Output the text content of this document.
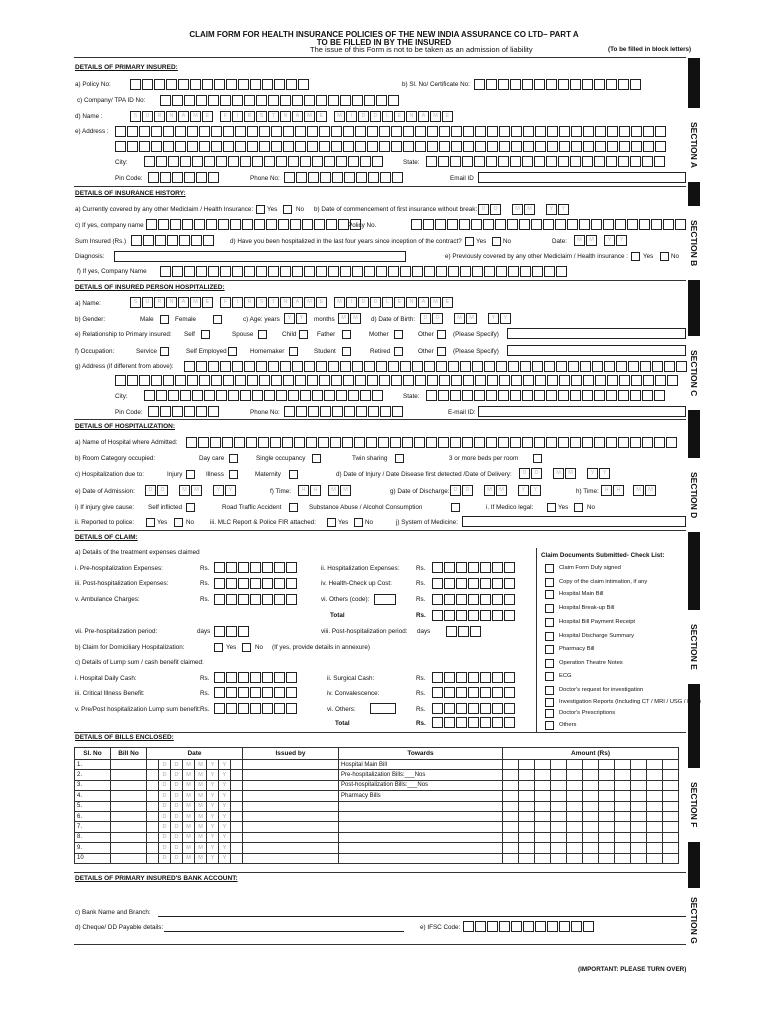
CLAIM FORM FOR HEALTH INSURANCE POLICIES OF THE NEW INDIA ASSURANCE CO LTD– PART A
TO BE FILLED IN BY THE INSURED
The issue of this Form is not to be taken as an admission of liability	(To be filled in block letters)
SECTION A
SECTION B
SECTION C
SECTION D
SECTION E
SECTION F
SECTION G
DETAILS OF PRIMARY INSURED:
a) Policy No:	b) Sl. No/ Certificate No:
c) Company/ TPA ID No:
d) Name :	S	U	R	N	A	M	E	F	I	R	S	T	N	A	M	E	M	I	D	D	L	E	N	A	M	E
e) Address :
City:	State:
Pin Code:	Phone No:	Email ID
DETAILS OF INSURANCE HISTORY:
a) Currently covered by any other Mediclaim / Health Insurance: Yes	No b) Date of commencement of first insurance without break: D	D	M	M	Y	Y
c) If yes, company name	Policy No.
Sum Insured (Rs.)	d) Have you been hospitalized in the last four years since inception of the contract? Yes	No	Date:	M	M	Y	Y
Diagnosis:	e) Previously covered by any other Mediclaim / Health insurance : Yes	No
f) If yes, Company Name
DETAILS OF INSURED PERSON HOSPITALIZED:
a) Name:	S	U	R	N	A	M	E	F	I	R	S	T	N	A	M	E	M	I	D	D	L	E	N	A	M	E
b) Gender:	Male	Female	c) Age: years	Y	Y	months	M	M	d) Date of Birth:	D	D	M	M	Y	Y
e) Relationship to Primary insured: Self	Spouse	Child	Father	Mother	Other	(Please Specify)
f) Occupation:	Service	Self Employed	Homemaker	Student	Retired	Other	(Please Specify)
g) Address (if different from above):
City:	State:
Pin Code:	Phone No:	E-mail ID:
DETAILS OF HOSPITALIZATION:
a) Name of Hospital where Admitted:
b) Room Category occupied:	Day care	Single occupancy	Twin sharing	3 or more beds per room
c) Hospitalization due to:	Injury	Illness	Maternity	d) Date of Injury / Date Disease first detected /Date of Delivery:	D	D	M	M	Y	Y
e) Date of Admission:	D	D	M	M	Y	Y	f) Time:	H	H	M	M	g) Date of Discharge: D	D	M	M	Y	Y	h) Time:	H	H	M	M
i) If injury give cause: Self inflicted	Road Traffic Accident	Substance Abuse / Alcohol Consumption	i. If Medico legal:	Yes	No
ii. Reported to police:	Yes	No	iii. MLC Report & Police FIR attached:	Yes	No	j) System of Medicine:
DETAILS OF CLAIM:
a) Details of the treatment expenses claimed
i. Pre-hospitalization Expenses:	Rs.
iii. Post-hospitalization Expenses:	Rs.
v. Ambulance Charges:	Rs.
ii. Hospitalization Expenses:	Rs.
iv. Health-Check up Cost:	Rs.
vi. Others (code):	Rs.
Total	Rs.
vii. Pre-hospitalization period:	days	viii. Post-hospitalization period: days
b) Claim for Domiciliary Hospitalization:	Yes	No (If yes, provide details in annexure)
c) Details of Lump sum / cash benefit claimed:
i. Hospital Daily Cash:	Rs.
iii. Critical Illness Benefit:	Rs.
v. Pre/Post hospitalization Lump sum benefit: Rs.
ii. Surgical Cash:	Rs.
iv. Convalescence:	Rs.
vi. Others:	Rs.
Total	Rs.
Claim Documents Submitted- Check List:
Claim Form Duly signed
Copy of the claim intimation, if any
Hospital Main Bill
Hospital Break-up Bill
Hospital Bill Payment Receipt
Hospital Discharge Summary
Pharmacy Bill
Operation Theatre Notes
ECG
Doctor's request for investigation
Investigation Reports (Including CT / MRI / USG / HPE)
Doctor's Prescriptions
Others
DETAILS OF BILLS ENCLOSED:
Sl. No	Bill No	Date								Issued by	Towards	Amount (Rs)										
1.			D	D	M	M	Y	Y			Hospital Main Bill											
2.			D	D	M	M	Y	Y			Pre-hospitalization Bills:___Nos											
3.			D	D	M	M	Y	Y			Post-hospitalization Bills:___Nos											
4.			D	D	M	M	Y	Y			Pharmacy Bills											
5.			D	D	M	M	Y	Y														
6.			D	D	M	M	Y	Y														
7.			D	D	M	M	Y	Y														
8.			D	D	M	M	Y	Y														
9.			D	D	M	M	Y	Y														
10			D	D	M	M	Y	Y														
DETAILS OF PRIMARY INSURED'S BANK ACCOUNT:
c) Bank Name and Branch:
d) Cheque/ DD Payable details:	e) IFSC Code:
(IMPORTANT: PLEASE TURN OVER)
